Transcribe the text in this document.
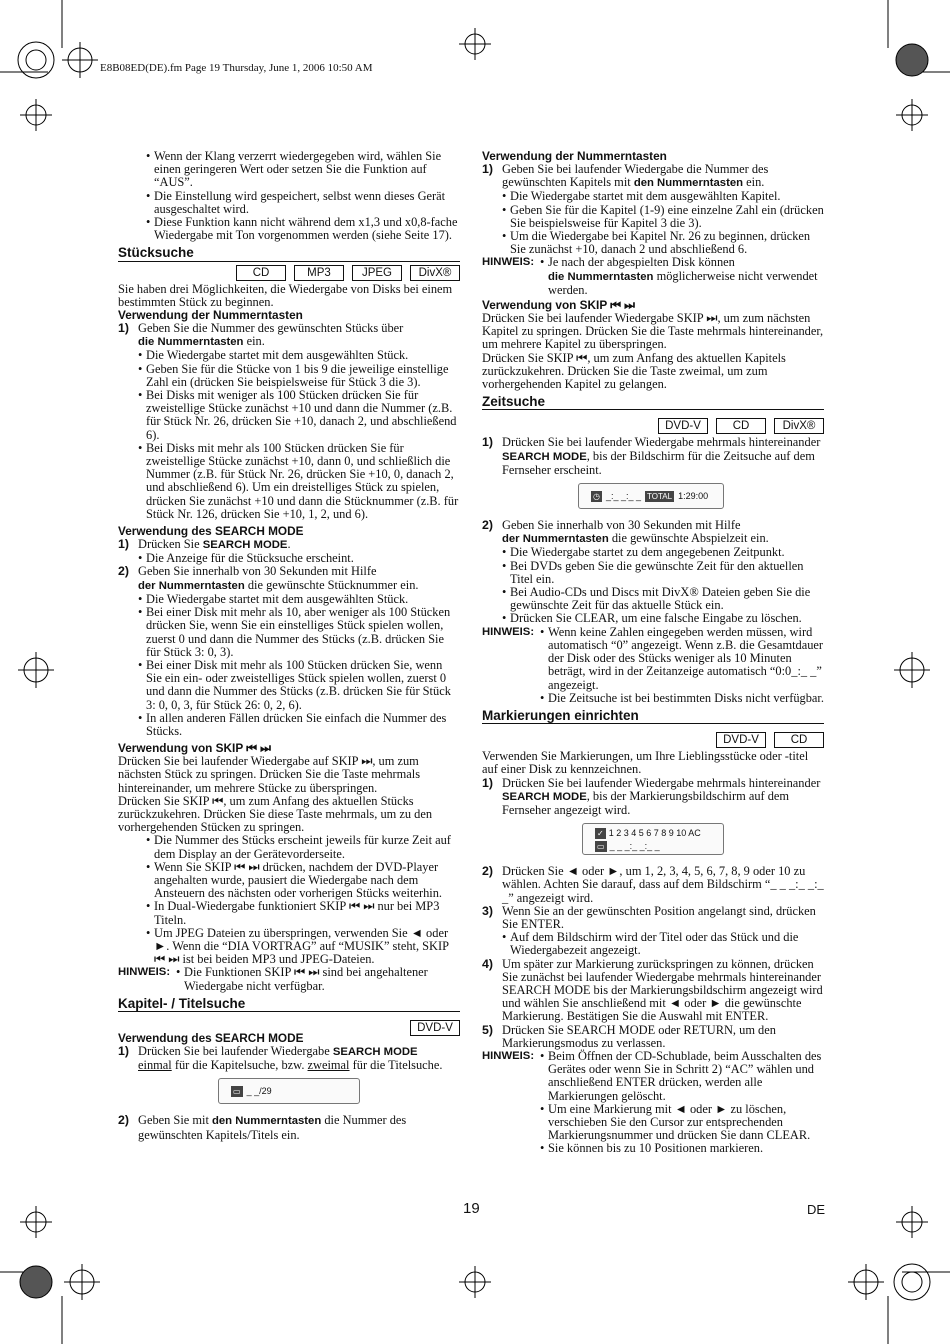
E8B08ED(DE).fm Page 19 Thursday, June 1, 2006 10:50 AM
• Wenn der Klang verzerrt wiedergegeben wird, wählen Sie einen geringeren Wert oder setzen Sie die Funktion auf “AUS”.
• Die Einstellung wird gespeichert, selbst wenn dieses Gerät ausgeschaltet wird.
• Diese Funktion kann nicht während dem x1,3 und x0,8-fache Wiedergabe mit Ton vorgenommen werden (siehe Seite 17).
Stücksuche
CD	MP3	JPEG	DivX®

Sie haben drei Möglichkeiten, die Wiedergabe von Disks bei einem bestimmten Stück zu beginnen.

Verwendung der Nummerntasten
1) Geben Sie die Nummer des gewünschten Stücks über
die Nummerntasten ein.
• Die Wiedergabe startet mit dem ausgewählten Stück.
• Geben Sie für die Stücke von 1 bis 9 die jeweilige einstellige Zahl ein (drücken Sie beispielsweise für Stück 3 die 3).
• Bei Disks mit weniger als 100 Stücken drücken Sie für zweistellige Stücke zunächst +10 und dann die Nummer (z.B. für Stück Nr. 26, drücken Sie +10, danach 2, und abschließend 6).
• Bei Disks mit mehr als 100 Stücken drücken Sie für zweistellige Stücke zunächst +10, dann 0, und schließlich die Nummer (z.B. für Stück Nr. 26, drücken Sie +10, 0, danach 2, und abschließend 6). Um ein dreistelliges Stück zu spielen, drücken Sie zunächst +10 und dann die Stücknummer (z.B. für Stück Nr. 126, drücken Sie +10, 1, 2, und 6).
Verwendung des SEARCH MODE
1) Drücken Sie SEARCH MODE.
• Die Anzeige für die Stücksuche erscheint.
2) Geben Sie innerhalb von 30 Sekunden mit Hilfe
der Nummerntasten die gewünschte Stücknummer ein.
• Die Wiedergabe startet mit dem ausgewählten Stück.
• Bei einer Disk mit mehr als 10, aber weniger als 100 Stücken drücken Sie, wenn Sie ein einstelliges Stück spielen wollen, zuerst 0 und dann die Nummer des Stücks (z.B. drücken Sie für Stück 3: 0, 3).
• Bei einer Disk mit mehr als 100 Stücken drücken Sie, wenn Sie ein ein- oder zweistelliges Stück spielen wollen, zuerst 0 und dann die Nummer des Stücks (z.B. drücken Sie für Stück 3: 0, 0, 3, für Stück 26: 0, 2, 6).
• In allen anderen Fällen drücken Sie einfach die Nummer des Stücks.
Verwendung von SKIP ⏮ ⏭

Drücken Sie bei laufender Wiedergabe auf SKIP ⏭, um zum nächsten Stück zu springen. Drücken Sie die Taste mehrmals hintereinander, um mehrere Stücke zu überspringen.

Drücken Sie SKIP ⏮, um zum Anfang des aktuellen Stücks zurückzukehren. Drücken Sie diese Taste mehrmals, um zu den vorhergehenden Stücken zu springen.

• Die Nummer des Stücks erscheint jeweils für kurze Zeit auf dem Display an der Gerätevorderseite.
• Wenn Sie SKIP ⏮ ⏭ drücken, nachdem der DVD-Player angehalten wurde, pausiert die Wiedergabe nach dem Ansteuern des nächsten oder vorherigen Stücks weiterhin.
• In Dual-Wiedergabe funktioniert SKIP ⏮ ⏭ nur bei MP3 Titeln.
• Um JPEG Dateien zu überspringen, verwenden Sie ◄ oder ►. Wenn die “DIA VORTRAG” auf “MUSIK” steht, SKIP ⏮ ⏭ ist bei beiden MP3 und JPEG-Dateien.
HINWEIS: • Die Funktionen SKIP ⏮ ⏭ sind bei angehaltener Wiedergabe nicht verfügbar.
Kapitel- / Titelsuche
DVD-V
Verwendung des SEARCH MODE
1) Drücken Sie bei laufender Wiedergabe SEARCH MODE
einmal für die Kapitelsuche, bzw. zweimal für die Titelsuche.
▭ _ _/29
2) Geben Sie mit den Nummerntasten die Nummer des gewünschten Kapitels/Titels ein.
Verwendung der Nummerntasten
1) Geben Sie bei laufender Wiedergabe die Nummer des gewünschten Kapitels mit den Nummerntasten ein.
• Die Wiedergabe startet mit dem ausgewählten Kapitel.
• Geben Sie für die Kapitel (1-9) eine einzelne Zahl ein (drücken Sie beispielsweise für Kapitel 3 die 3).
• Um die Wiedergabe bei Kapitel Nr. 26 zu beginnen, drücken Sie zunächst +10, danach 2 und abschließend 6.
HINWEIS: • Je nach der abgespielten Disk können
die Nummerntasten möglicherweise nicht verwendet werden.
Verwendung von SKIP ⏮ ⏭

Drücken Sie bei laufender Wiedergabe SKIP ⏭, um zum nächsten Kapitel zu springen. Drücken Sie die Taste mehrmals hintereinander, um mehrere Kapitel zu überspringen.

Drücken Sie SKIP ⏮, um zum Anfang des aktuellen Kapitels zurückzukehren. Drücken Sie die Taste zweimal, um zum vorhergehenden Kapitel zu gelangen.

Zeitsuche
DVD-V	CD	DivX®
1) Drücken Sie bei laufender Wiedergabe mehrmals hintereinander SEARCH MODE, bis der Bildschirm für die Zeitsuche auf dem Fernseher erscheint.
◷ _:_ _:_ _ TOTAL 1:29:00
2) Geben Sie innerhalb von 30 Sekunden mit Hilfe
der Nummerntasten die gewünschte Abspielzeit ein.
• Die Wiedergabe startet zu dem angegebenen Zeitpunkt.
• Bei DVDs geben Sie die gewünschte Zeit für den aktuellen Titel ein.
• Bei Audio-CDs und Discs mit DivX® Dateien geben Sie die gewünschte Zeit für das aktuelle Stück ein.
• Drücken Sie CLEAR, um eine falsche Eingabe zu löschen.
HINWEIS: • Wenn keine Zahlen eingegeben werden müssen, wird automatisch “0” angezeigt. Wenn z.B. die Gesamtdauer der Disk oder des Stücks weniger als 10 Minuten beträgt, wird in der Zeitanzeige automatisch “0:0_:_ _” angezeigt.
• Die Zeitsuche ist bei bestimmten Disks nicht verfügbar.
Markierungen einrichten
DVD-V	CD

Verwenden Sie Markierungen, um Ihre Lieblingsstücke oder -titel auf einer Disk zu kennzeichnen.

1) Drücken Sie bei laufender Wiedergabe mehrmals hintereinander SEARCH MODE, bis der Markierungsbildschirm auf dem Fernseher angezeigt wird.
✓ 1 2 3 4 5 6 7 8 9 10 AC
▭ _ _ _:_ _:_ _
2) Drücken Sie ◄ oder ►, um 1, 2, 3, 4, 5, 6, 7, 8, 9 oder 10 zu wählen. Achten Sie darauf, dass auf dem Bildschirm “_ _ _:_ _:_ _” angezeigt wird.
3) Wenn Sie an der gewünschten Position angelangt sind, drücken Sie ENTER.
• Auf dem Bildschirm wird der Titel oder das Stück und die Wiedergabezeit angezeigt.
4) Um später zur Markierung zurückspringen zu können, drücken Sie zunächst bei laufender Wiedergabe mehrmals hintereinander SEARCH MODE bis der Markierungsbildschirm angezeigt wird und wählen Sie anschließend mit ◄ oder ► die gewünschte Markierung. Bestätigen Sie die Auswahl mit ENTER.
5) Drücken Sie SEARCH MODE oder RETURN, um den Markierungsmodus zu verlassen.
HINWEIS: • Beim Öffnen der CD-Schublade, beim Ausschalten des Gerätes oder wenn Sie in Schritt 2) “AC” wählen und anschließend ENTER drücken, werden alle Markierungen gelöscht.
• Um eine Markierung mit ◄ oder ► zu löschen, verschieben Sie den Cursor zur entsprechenden Markierungsnummer und drücken Sie dann CLEAR.
• Sie können bis zu 10 Positionen markieren.
19	DE
